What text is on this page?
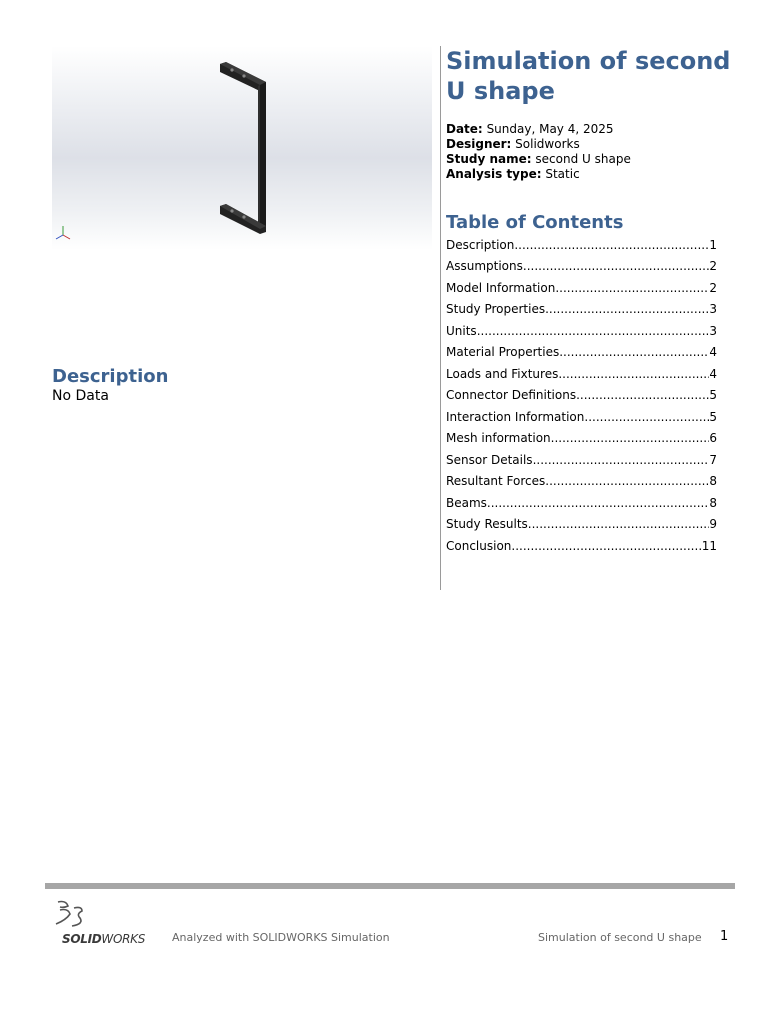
Simulation of second U shape
Date: Sunday, May 4, 2025
Designer: Solidworks
Study name: second U shape
Analysis type: Static
Table of Contents
Description .....	1
Assumptions .....	2
Model Information .....	2
Study Properties .....	3
Units .....	3
Material Properties .....	4
Loads and Fixtures .....	4
Connector Definitions .....	5
Interaction Information .....	5
Mesh information .....	6
Sensor Details .....	7
Resultant Forces .....	8
Beams .....	8
Study Results .....	9
Conclusion .....	11
Description
No Data
SOLIDWORKS Analyzed with SOLIDWORKS Simulation	Simulation of second U shape 1
